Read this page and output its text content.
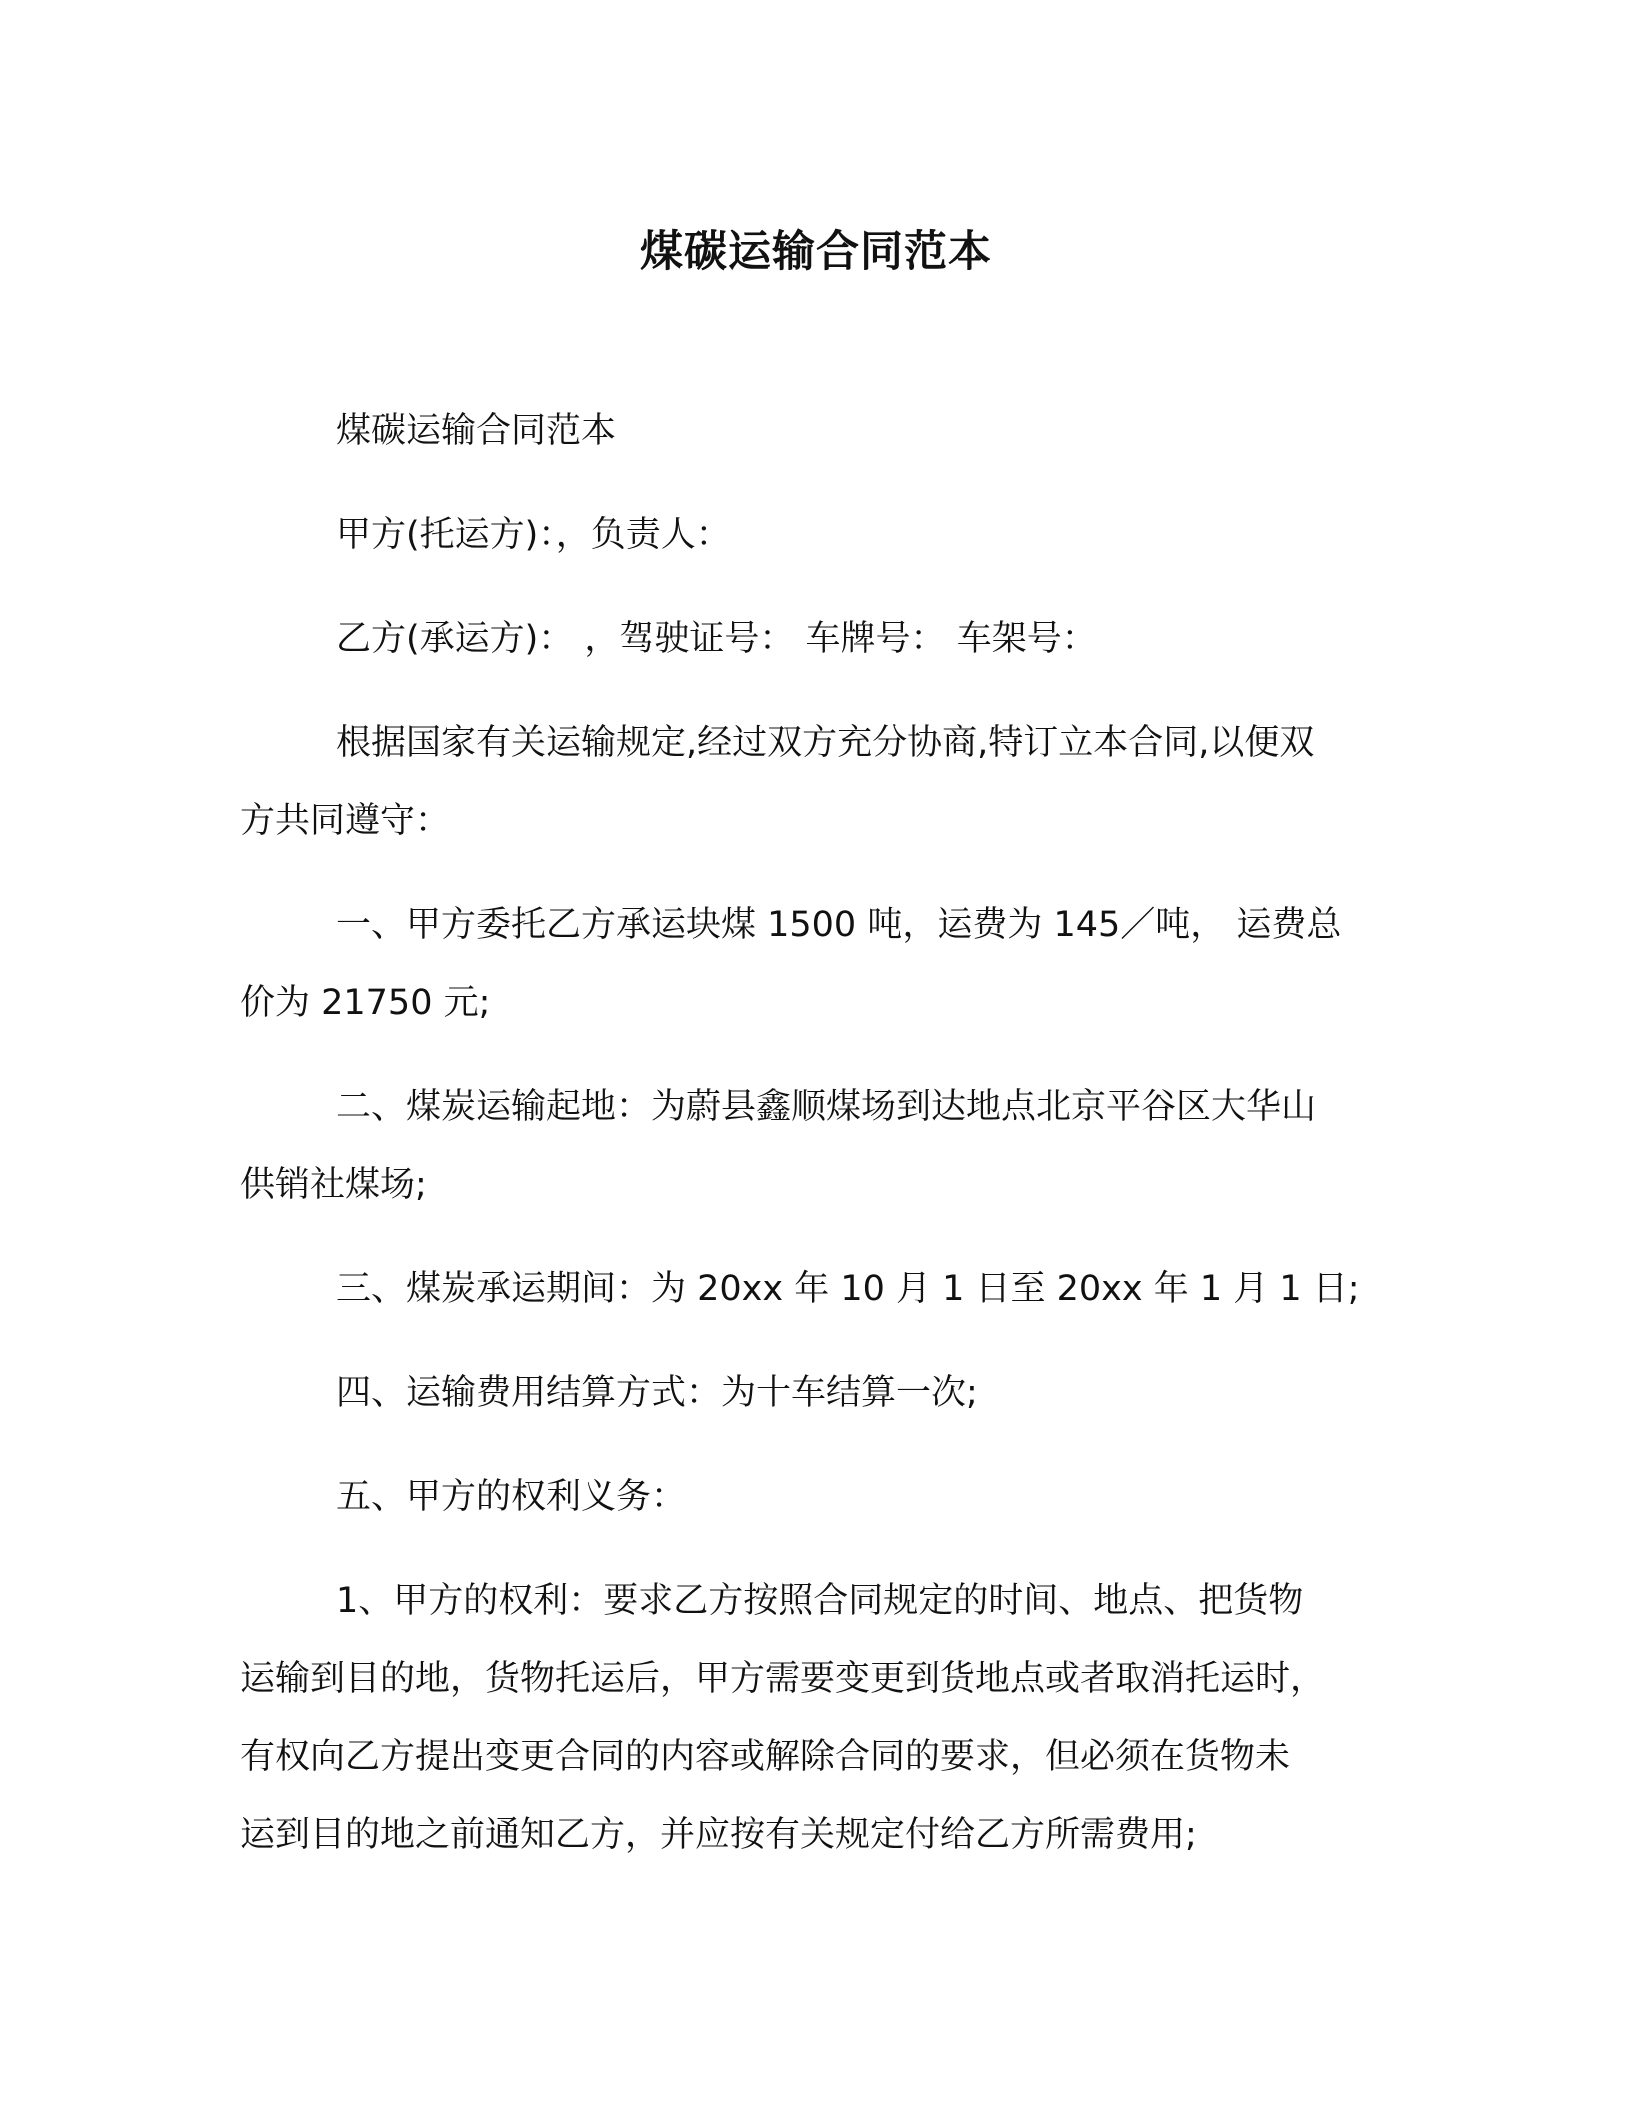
煤碳运输合同范本

煤碳运输合同范本

甲方(托运方)：，负责人：

乙方(承运方)： ，驾驶证号： 车牌号： 车架号：

根据国家有关运输规定,经过双方充分协商,特订立本合同,以便双
方共同遵守：

一、甲方委托乙方承运块煤 1500 吨，运费为 145／吨， 运费总
价为 21750 元;

二、煤炭运输起地：为蔚县鑫顺煤场到达地点北京平谷区大华山
供销社煤场;

三、煤炭承运期间：为 20xx 年 10 月 1 日至 20xx 年 1 月 1 日;

四、运输费用结算方式：为十车结算一次;

五、甲方的权利义务：

1、甲方的权利：要求乙方按照合同规定的时间、地点、把货物
运输到目的地，货物托运后，甲方需要变更到货地点或者取消托运时，
有权向乙方提出变更合同的内容或解除合同的要求，但必须在货物未
运到目的地之前通知乙方，并应按有关规定付给乙方所需费用;
